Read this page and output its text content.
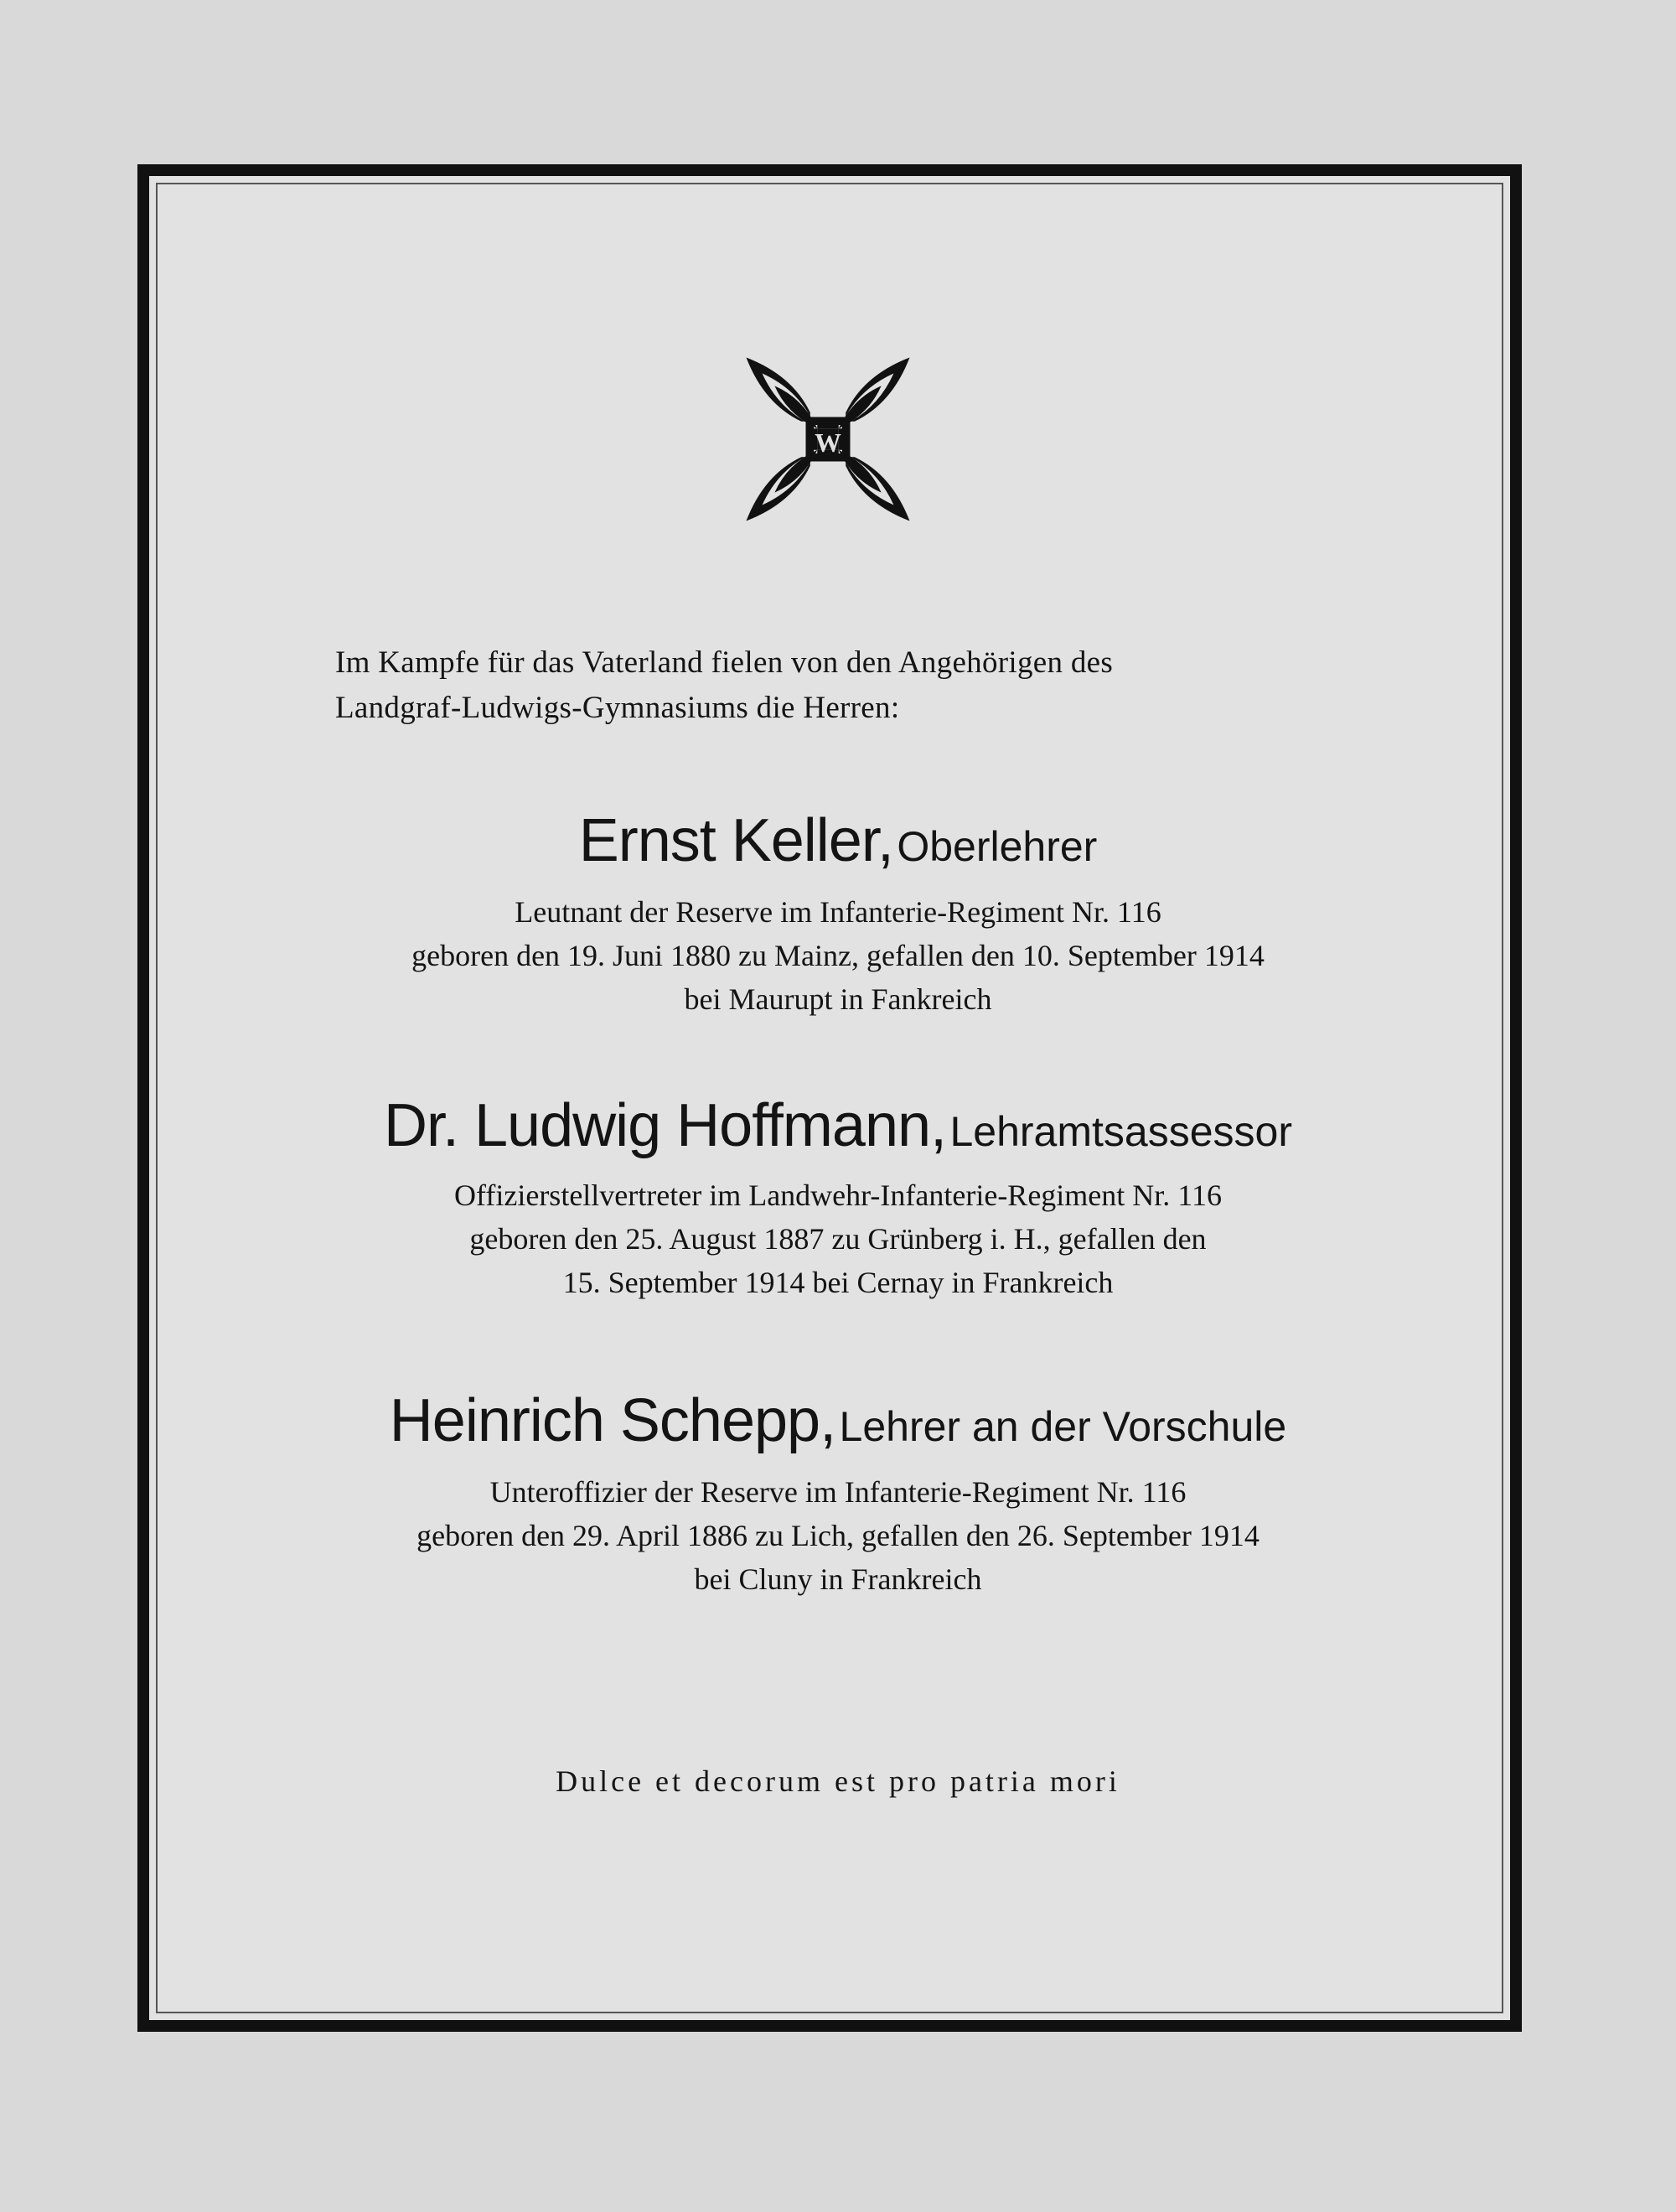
W
1914

Im Kampfe für das Vaterland fielen von den Angehörigen des

Landgraf-Ludwigs-Gymnasiums die Herren:

Ernst Keller, Oberlehrer
Leutnant der Reserve im Infanterie-Regiment Nr. 116
geboren den 19. Juni 1880 zu Mainz, gefallen den 10. September 1914
bei Maurupt in Fankreich
Dr. Ludwig Hoffmann, Lehramtsassessor
Offizierstellvertreter im Landwehr-Infanterie-Regiment Nr. 116
geboren den 25. August 1887 zu Grünberg i. H., gefallen den
15. September 1914 bei Cernay in Frankreich
Heinrich Schepp, Lehrer an der Vorschule
Unteroffizier der Reserve im Infanterie-Regiment Nr. 116
geboren den 29. April 1886 zu Lich, gefallen den 26. September 1914
bei Cluny in Frankreich
Dulce et decorum est pro patria mori
